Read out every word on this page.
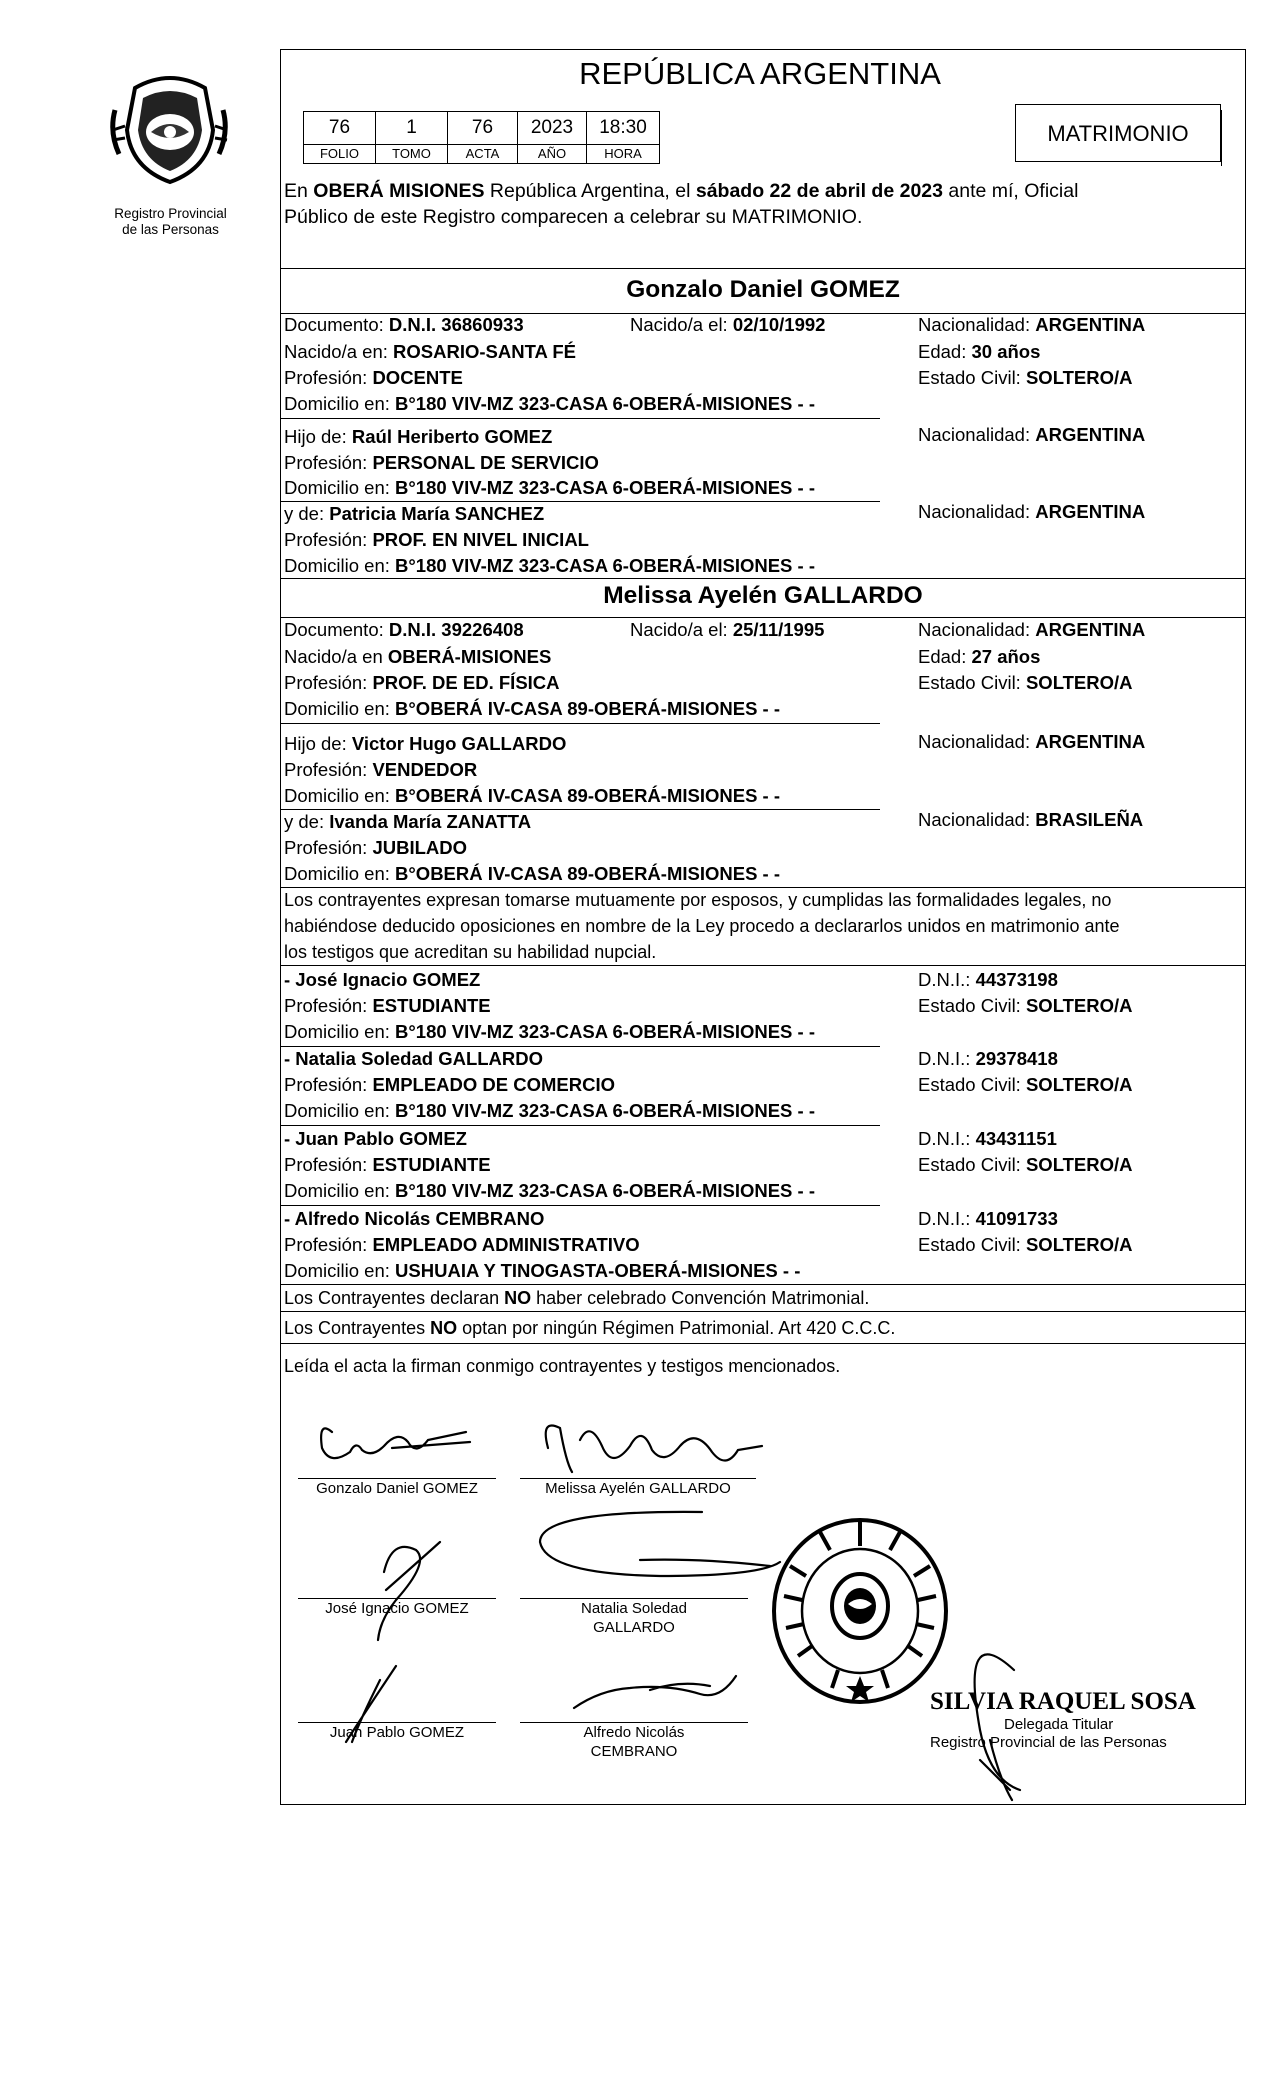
Registro Provincial
de las Personas
REPÚBLICA ARGENTINA
76	1	76	2023	18:30
FOLIO	TOMO	ACTA	AÑO	HORA
MATRIMONIO
En OBERÁ MISIONES República Argentina, el sábado 22 de abril de 2023 ante mí, Oficial
Público de este Registro comparecen a celebrar su MATRIMONIO.
Gonzalo Daniel GOMEZ
Documento: D.N.I. 36860933	Nacido/a el: 02/10/1992	Nacionalidad: ARGENTINA
Nacido/a en: ROSARIO-SANTA FÉ	Edad: 30 años
Profesión: DOCENTE	Estado Civil: SOLTERO/A
Domicilio en: B°180 VIV-MZ 323-CASA 6-OBERÁ-MISIONES - -
Hijo de: Raúl Heriberto GOMEZ	Nacionalidad: ARGENTINA
Profesión: PERSONAL DE SERVICIO
Domicilio en: B°180 VIV-MZ 323-CASA 6-OBERÁ-MISIONES - -
y de: Patricia María SANCHEZ	Nacionalidad: ARGENTINA
Profesión: PROF. EN NIVEL INICIAL
Domicilio en: B°180 VIV-MZ 323-CASA 6-OBERÁ-MISIONES - -
Melissa Ayelén GALLARDO
Documento: D.N.I. 39226408	Nacido/a el: 25/11/1995	Nacionalidad: ARGENTINA
Nacido/a en OBERÁ-MISIONES	Edad: 27 años
Profesión: PROF. DE ED. FÍSICA	Estado Civil: SOLTERO/A
Domicilio en: B°OBERÁ IV-CASA 89-OBERÁ-MISIONES - -
Hijo de: Victor Hugo GALLARDO	Nacionalidad: ARGENTINA
Profesión: VENDEDOR
Domicilio en: B°OBERÁ IV-CASA 89-OBERÁ-MISIONES - -
y de: Ivanda María ZANATTA	Nacionalidad: BRASILEÑA
Profesión: JUBILADO
Domicilio en: B°OBERÁ IV-CASA 89-OBERÁ-MISIONES - -
Los contrayentes expresan tomarse mutuamente por esposos, y cumplidas las formalidades legales, no
habiéndose deducido oposiciones en nombre de la Ley procedo a declararlos unidos en matrimonio ante
los testigos que acreditan su habilidad nupcial.
- José Ignacio GOMEZ	D.N.I.: 44373198
Profesión: ESTUDIANTE	Estado Civil: SOLTERO/A
Domicilio en: B°180 VIV-MZ 323-CASA 6-OBERÁ-MISIONES - -
- Natalia Soledad GALLARDO	D.N.I.: 29378418
Profesión: EMPLEADO DE COMERCIO	Estado Civil: SOLTERO/A
Domicilio en: B°180 VIV-MZ 323-CASA 6-OBERÁ-MISIONES - -
- Juan Pablo GOMEZ	D.N.I.: 43431151
Profesión: ESTUDIANTE	Estado Civil: SOLTERO/A
Domicilio en: B°180 VIV-MZ 323-CASA 6-OBERÁ-MISIONES - -
- Alfredo Nicolás CEMBRANO	D.N.I.: 41091733
Profesión: EMPLEADO ADMINISTRATIVO	Estado Civil: SOLTERO/A
Domicilio en: USHUAIA Y TINOGASTA-OBERÁ-MISIONES - -
Los Contrayentes declaran NO haber celebrado Convención Matrimonial.
Los Contrayentes NO optan por ningún Régimen Patrimonial. Art 420 C.C.C.
Leída el acta la firman conmigo contrayentes y testigos mencionados.
Gonzalo Daniel GOMEZ	Melissa Ayelén GALLARDO
José Ignacio GOMEZ	Natalia Soledad
GALLARDO
Juan Pablo GOMEZ	Alfredo Nicolás
CEMBRANO
SILVIA RAQUEL SOSA
Delegada Titular
Registro Provincial de las Personas
